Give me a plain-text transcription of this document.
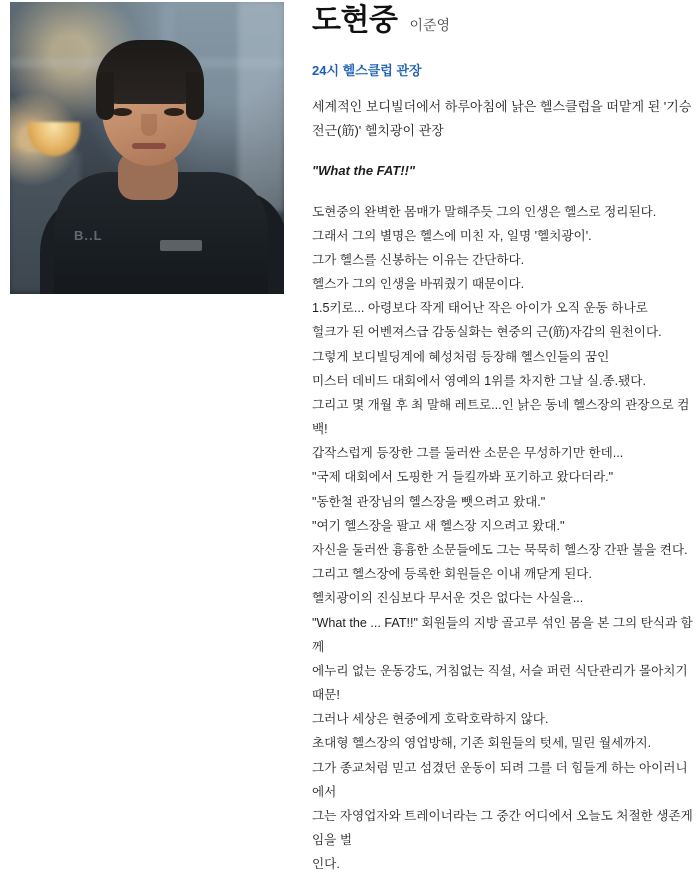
B..L
도현중 이준영
24시 헬스클럽 관장
세계적인 보디빌더에서 하루아침에 낡은 헬스클럽을 떠맡게 된 '기승전근(筋)' 헬치광이 관장
"What the FAT!!"

도현중의 완벽한 몸매가 말해주듯 그의 인생은 헬스로 정리된다.

그래서 그의 별명은 헬스에 미친 자, 일명 '헬치광이'.

그가 헬스를 신봉하는 이유는 간단하다.

헬스가 그의 인생을 바꿔줬기 때문이다.

1.5키로... 아령보다 작게 태어난 작은 아이가 오직 운동 하나로

헐크가 된 어벤져스급 감동실화는 현중의 근(筋)자감의 원천이다.

그렇게 보디빌딩계에 혜성처럼 등장해 헬스인들의 꿈인

미스터 데비드 대회에서 영예의 1위를 차지한 그날 실.종.됐다.

그리고 몇 개월 후 최 말해 레트로...인 낡은 동네 헬스장의 관장으로 컴백!

갑작스럽게 등장한 그를 둘러싼 소문은 무성하기만 한데...

"국제 대회에서 도핑한 거 들킬까봐 포기하고 왔다더라."

"동한철 관장님의 헬스장을 뺏으려고 왔대."

"여기 헬스장을 팔고 새 헬스장 지으려고 왔대."

자신을 둘러싼 흉흉한 소문들에도 그는 묵묵히 헬스장 간판 불을 켠다.

그리고 헬스장에 등록한 회원들은 이내 깨닫게 된다.

헬치광이의 진심보다 무서운 것은 없다는 사실을...

"What the ... FAT!!" 회원들의 지방 골고루 섞인 몸을 본 그의 탄식과 함께

에누리 없는 운동강도, 거침없는 직설, 서슬 퍼런 식단관리가 몰아치기 때문!

그러나 세상은 현중에게 호락호락하지 않다.

초대형 헬스장의 영업방해, 기존 회원들의 텃세, 밀린 월세까지.

그가 종교처럼 믿고 섬겼던 운동이 되려 그를 더 힘들게 하는 아이러니에서

그는 자영업자와 트레이너라는 그 중간 어디에서 오늘도 처절한 생존게임을 벌

인다.
